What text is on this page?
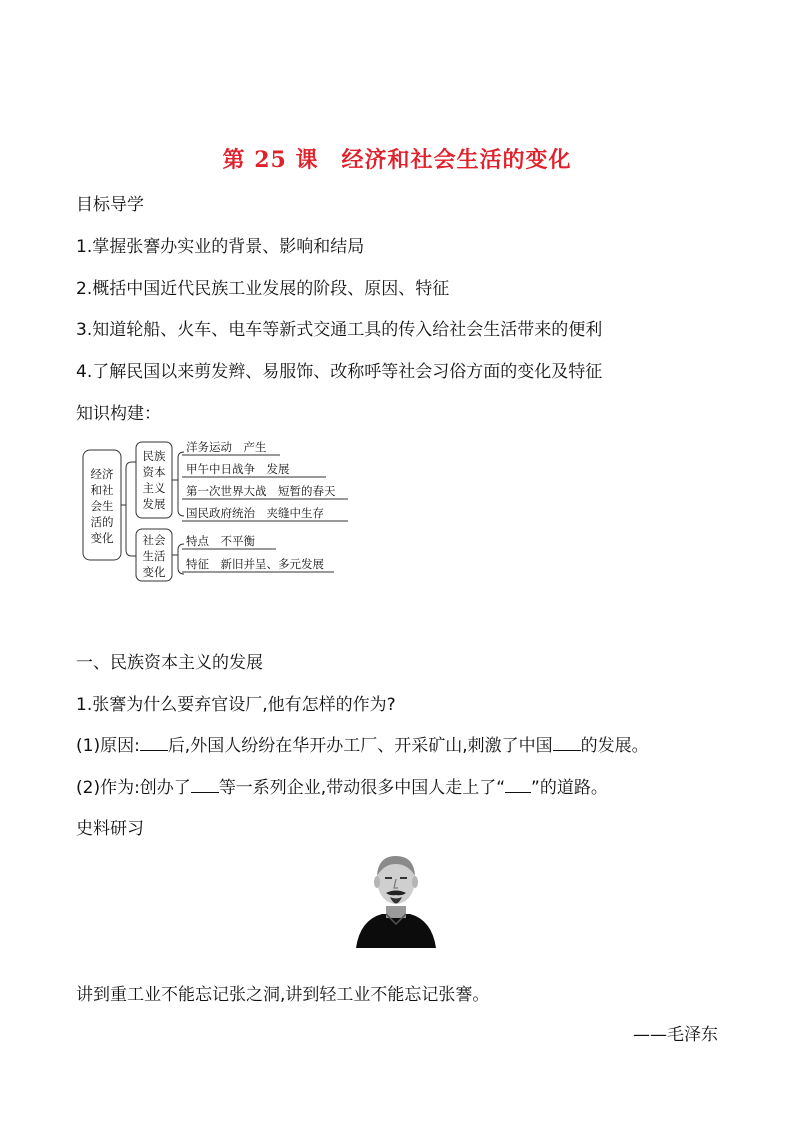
第 25 课　经济和社会生活的变化
目标导学
1.掌握张謇办实业的背景、影响和结局
2.概括中国近代民族工业发展的阶段、原因、特征
3.知道轮船、火车、电车等新式交通工具的传入给社会生活带来的便利
4.了解民国以来剪发辫、易服饰、改称呼等社会习俗方面的变化及特征
知识构建：
经济
和社
会生
活的
变化
民族
资本
主义
发展
洋务运动　产生
甲午中日战争　发展
第一次世界大战　短暂的春天
国民政府统治　夹缝中生存
社会
生活
变化
特点　不平衡
特征　新旧并呈、多元发展
一、民族资本主义的发展
1.张謇为什么要弃官设厂,他有怎样的作为?
(1)原因: 后,外国人纷纷在华开办工厂、开采矿山,刺激了中国 的发展。
(2)作为:创办了 等一系列企业,带动很多中国人走上了“ ”的道路。
史料研习
讲到重工业不能忘记张之洞,讲到轻工业不能忘记张謇。
——毛泽东
